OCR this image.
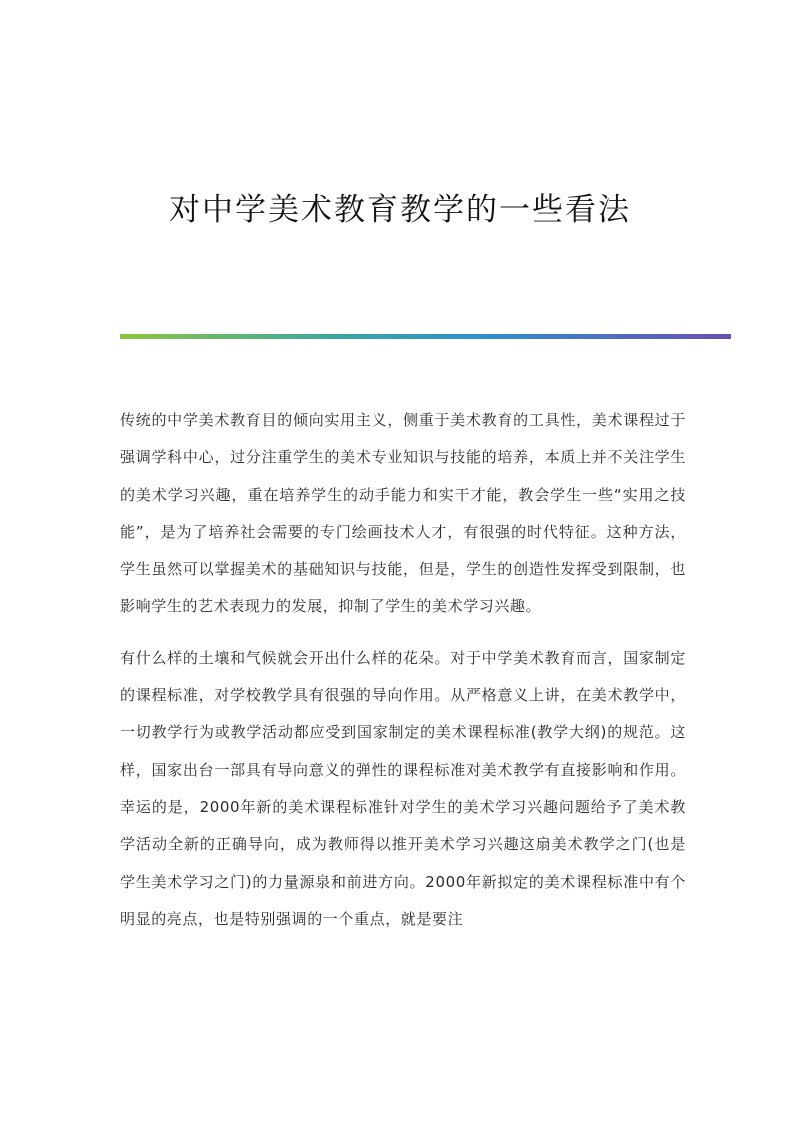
对中学美术教育教学的一些看法

传统的中学美术教育目的倾向实用主义，侧重于美术教育的工具性，美术课程过于强调学科中心，过分注重学生的美术专业知识与技能的培养，本质上并不关注学生的美术学习兴趣，重在培养学生的动手能力和实干才能，教会学生一些“实用之技能”，是为了培养社会需要的专门绘画技术人才，有很强的时代特征。这种方法，学生虽然可以掌握美术的基础知识与技能，但是，学生的创造性发挥受到限制，也影响学生的艺术表现力的发展，抑制了学生的美术学习兴趣。

有什么样的土壤和气候就会开出什么样的花朵。对于中学美术教育而言，国家制定的课程标准，对学校教学具有很强的导向作用。从严格意义上讲，在美术教学中，一切教学行为或教学活动都应受到国家制定的美术课程标准(教学大纲)的规范。这样，国家出台一部具有导向意义的弹性的课程标准对美术教学有直接影响和作用。幸运的是，2000年新的美术课程标准针对学生的美术学习兴趣问题给予了美术教学活动全新的正确导向，成为教师得以推开美术学习兴趣这扇美术教学之门(也是学生美术学习之门)的力量源泉和前进方向。2000年新拟定的美术课程标准中有个明显的亮点，也是特别强调的一个重点，就是要注
